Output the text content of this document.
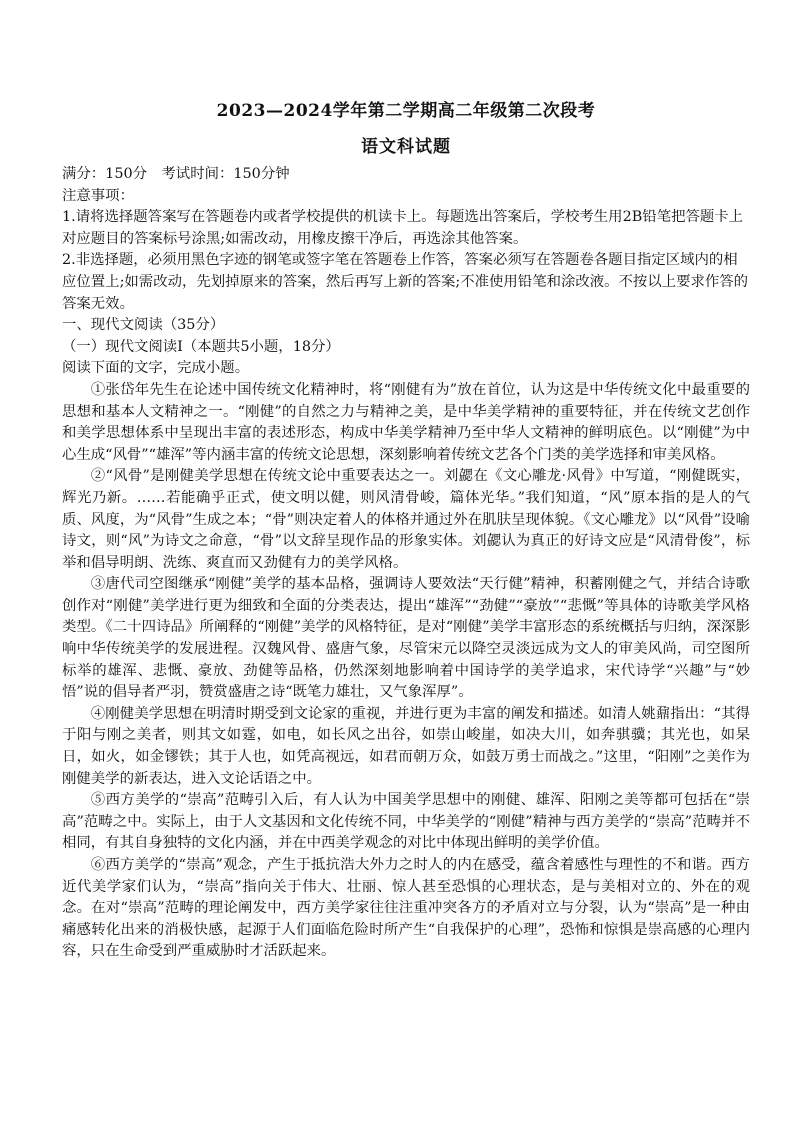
2023—2024学年第二学期高二年级第二次段考
语文科试题
满分：150分　考试时间：150分钟
注意事项：
1.请将选择题答案写在答题卷内或者学校提供的机读卡上。每题选出答案后，学校考生用2B铅笔把答题卡上对应题目的答案标号涂黑;如需改动，用橡皮擦干净后，再选涂其他答案。
2.非选择题，必须用黑色字迹的钢笔或签字笔在答题卷上作答，答案必须写在答题卷各题目指定区域内的相应位置上;如需改动，先划掉原来的答案，然后再写上新的答案;不准使用铅笔和涂改液。不按以上要求作答的答案无效。
一、现代文阅读（35分）
（一）现代文阅读Ⅰ（本题共5小题，18分）
阅读下面的文字，完成小题。

①张岱年先生在论述中国传统文化精神时，将“刚健有为”放在首位，认为这是中华传统文化中最重要的思想和基本人文精神之一。“刚健”的自然之力与精神之美，是中华美学精神的重要特征，并在传统文艺创作和美学思想体系中呈现出丰富的表述形态，构成中华美学精神乃至中华人文精神的鲜明底色。以“刚健”为中心生成“风骨”“雄浑”等内涵丰富的传统文论思想，深刻影响着传统文艺各个门类的美学选择和审美风格。

②“风骨”是刚健美学思想在传统文论中重要表达之一。刘勰在《文心雕龙·风骨》中写道，“刚健既实，辉光乃新。……若能确乎正式，使文明以健，则风清骨峻，篇体光华。”我们知道，“风”原本指的是人的气质、风度，为“风骨”生成之本；“骨”则决定着人的体格并通过外在肌肤呈现体貌。《文心雕龙》以“风骨”设喻诗文，则“风”为诗文之命意，“骨”以文辞呈现作品的形象实体。刘勰认为真正的好诗文应是“风清骨俊”，标举和倡导明朗、洗练、爽直而又劲健有力的美学风格。

③唐代司空图继承“刚健”美学的基本品格，强调诗人要效法“天行健”精神，积蓄刚健之气，并结合诗歌创作对“刚健”美学进行更为细致和全面的分类表达，提出“雄浑”“劲健”“豪放”“悲慨”等具体的诗歌美学风格类型。《二十四诗品》所阐释的“刚健”美学的风格特征，是对“刚健”美学丰富形态的系统概括与归纳，深深影响中华传统美学的发展进程。汉魏风骨、盛唐气象，尽管宋元以降空灵淡远成为文人的审美风尚，司空图所标举的雄浑、悲慨、豪放、劲健等品格，仍然深刻地影响着中国诗学的美学追求，宋代诗学“兴趣”与“妙悟”说的倡导者严羽，赞赏盛唐之诗“既笔力雄壮，又气象浑厚”。

④刚健美学思想在明清时期受到文论家的重视，并进行更为丰富的阐发和描述。如清人姚鼐指出：“其得于阳与刚之美者，则其文如霆，如电，如长风之出谷，如崇山峻崖，如决大川，如奔骐骥；其光也，如杲日，如火，如金镠铁；其于人也，如凭高视远，如君而朝万众，如鼓万勇士而战之。”这里，“阳刚”之美作为刚健美学的新表达，进入文论话语之中。

⑤西方美学的“崇高”范畴引入后，有人认为中国美学思想中的刚健、雄浑、阳刚之美等都可包括在“崇高”范畴之中。实际上，由于人文基因和文化传统不同，中华美学的“刚健”精神与西方美学的“崇高”范畴并不相同，有其自身独特的文化内涵，并在中西美学观念的对比中体现出鲜明的美学价值。

⑥西方美学的“崇高”观念，产生于抵抗浩大外力之时人的内在感受，蕴含着感性与理性的不和谐。西方近代美学家们认为，“崇高”指向关于伟大、壮丽、惊人甚至恐惧的心理状态，是与美相对立的、外在的观念。在对“崇高”范畴的理论阐发中，西方美学家往往注重冲突各方的矛盾对立与分裂，认为“崇高”是一种由痛感转化出来的消极快感，起源于人们面临危险时所产生“自我保护的心理”，恐怖和惊惧是崇高感的心理内容，只在生命受到严重威胁时才活跃起来。
